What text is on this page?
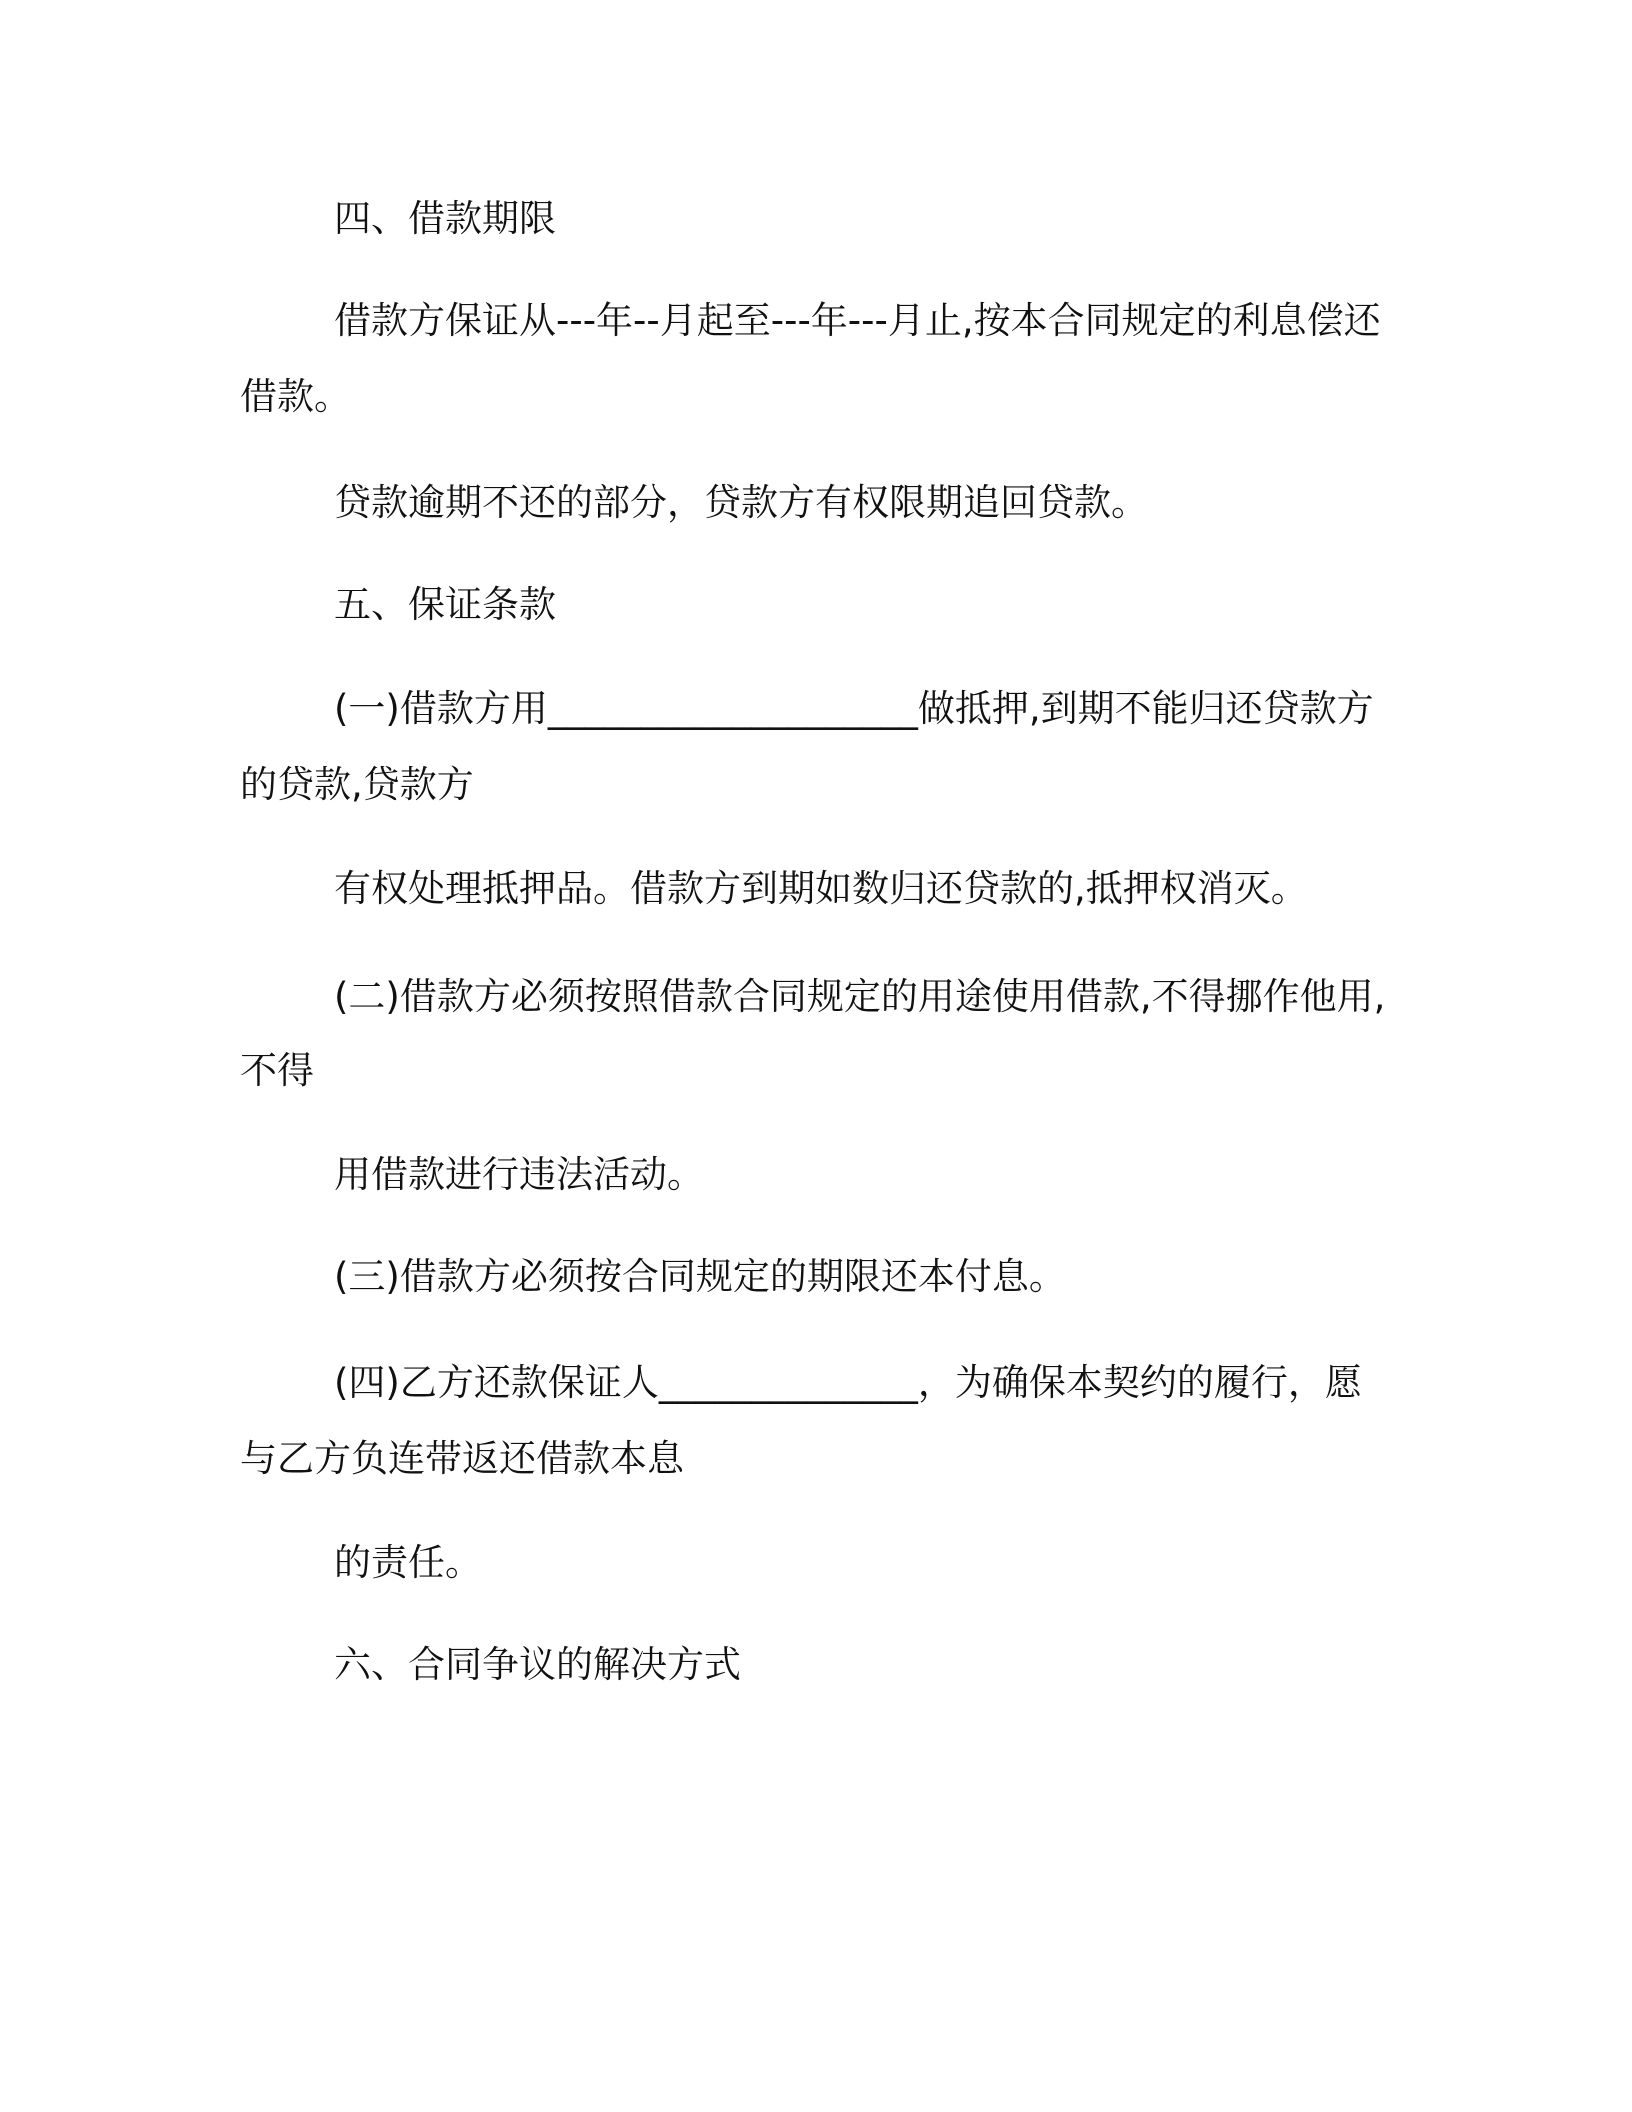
四、借款期限

借款方保证从---年--月起至---年---月止,按本合同规定的利息偿还

借款。

贷款逾期不还的部分，贷款方有权限期追回贷款。

五、保证条款

(一)借款方用____________________做抵押,到期不能归还贷款方

的贷款,贷款方

有权处理抵押品。借款方到期如数归还贷款的,抵押权消灭。

(二)借款方必须按照借款合同规定的用途使用借款,不得挪作他用,

不得

用借款进行违法活动。

(三)借款方必须按合同规定的期限还本付息。

(四)乙方还款保证人______________，为确保本契约的履行，愿

与乙方负连带返还借款本息

的责任。

六、合同争议的解决方式
